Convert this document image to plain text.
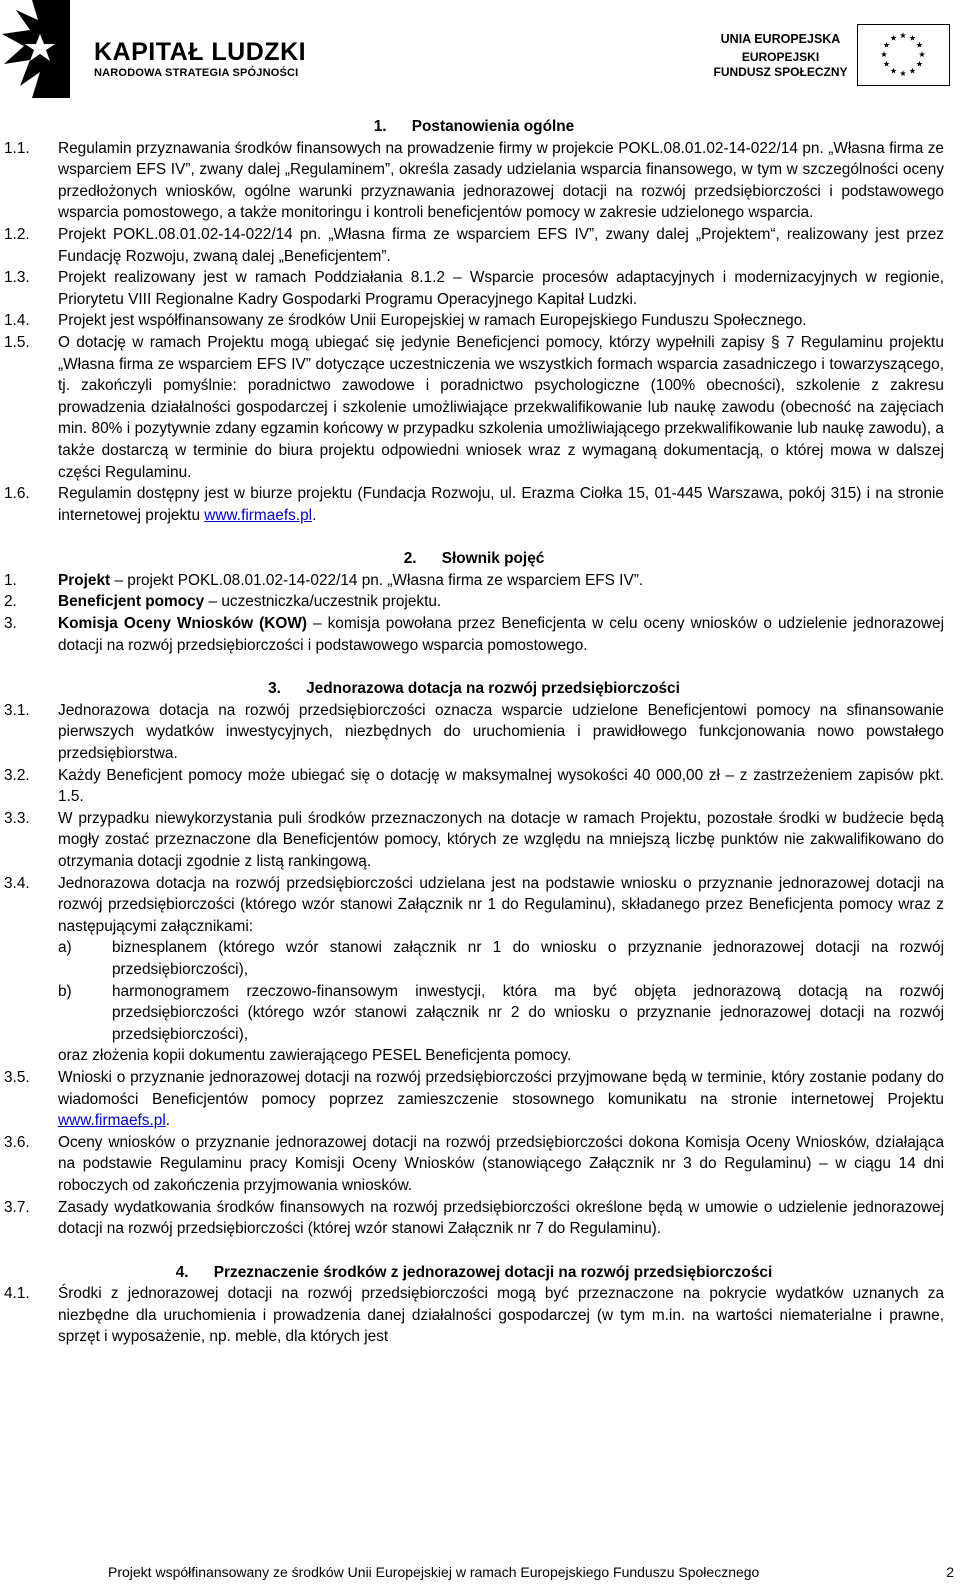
KAPITAŁ LUDZKI
NARODOWA STRATEGIA SPÓJNOŚCI
UNIA EUROPEJSKA
EUROPEJSKI
FUNDUSZ SPOŁECZNY
1. Postanowienia ogólne
1.1.	Regulamin przyznawania środków finansowych na prowadzenie firmy w projekcie POKL.08.01.02-14-022/14 pn. „Własna firma ze wsparciem EFS IV”, zwany dalej „Regulaminem”, określa zasady udzielania wsparcia finansowego, w tym w szczególności oceny przedłożonych wniosków, ogólne warunki przyznawania jednorazowej dotacji na rozwój przedsiębiorczości i podstawowego wsparcia pomostowego, a także monitoringu i kontroli beneficjentów pomocy w zakresie udzielonego wsparcia.
1.2.	Projekt POKL.08.01.02-14-022/14 pn. „Własna firma ze wsparciem EFS IV”, zwany dalej „Projektem“, realizowany jest przez Fundację Rozwoju, zwaną dalej „Beneficjentem”.
1.3.	Projekt realizowany jest w ramach Poddziałania 8.1.2 – Wsparcie procesów adaptacyjnych i modernizacyjnych w regionie, Priorytetu VIII Regionalne Kadry Gospodarki Programu Operacyjnego Kapitał Ludzki.
1.4.	Projekt jest współfinansowany ze środków Unii Europejskiej w ramach Europejskiego Funduszu Społecznego.
1.5.	O dotację w ramach Projektu mogą ubiegać się jedynie Beneficjenci pomocy, którzy wypełnili zapisy § 7 Regulaminu projektu „Własna firma ze wsparciem EFS IV” dotyczące uczestniczenia we wszystkich formach wsparcia zasadniczego i towarzyszącego, tj. zakończyli pomyślnie: poradnictwo zawodowe i poradnictwo psychologiczne (100% obecności), szkolenie z zakresu prowadzenia działalności gospodarczej i szkolenie umożliwiające przekwalifikowanie lub naukę zawodu (obecność na zajęciach min. 80% i pozytywnie zdany egzamin końcowy w przypadku szkolenia umożliwiającego przekwalifikowanie lub naukę zawodu), a także dostarczą w terminie do biura projektu odpowiedni wniosek wraz z wymaganą dokumentacją, o której mowa w dalszej części Regulaminu.
1.6.	Regulamin dostępny jest w biurze projektu (Fundacja Rozwoju, ul. Erazma Ciołka 15, 01-445 Warszawa, pokój 315) i na stronie internetowej projektu www.firmaefs.pl.
2. Słownik pojęć
1.	Projekt – projekt POKL.08.01.02-14-022/14 pn. „Własna firma ze wsparciem EFS IV”.
2.	Beneficjent pomocy – uczestniczka/uczestnik projektu.
3.	Komisja Oceny Wniosków (KOW) – komisja powołana przez Beneficjenta w celu oceny wniosków o udzielenie jednorazowej dotacji na rozwój przedsiębiorczości i podstawowego wsparcia pomostowego.
3. Jednorazowa dotacja na rozwój przedsiębiorczości
3.1.	Jednorazowa dotacja na rozwój przedsiębiorczości oznacza wsparcie udzielone Beneficjentowi pomocy na sfinansowanie pierwszych wydatków inwestycyjnych, niezbędnych do uruchomienia i prawidłowego funkcjonowania nowo powstałego przedsiębiorstwa.
3.2.	Każdy Beneficjent pomocy może ubiegać się o dotację w maksymalnej wysokości 40 000,00 zł – z zastrzeżeniem zapisów pkt. 1.5.
3.3.	W przypadku niewykorzystania puli środków przeznaczonych na dotacje w ramach Projektu, pozostałe środki w budżecie będą mogły zostać przeznaczone dla Beneficjentów pomocy, których ze względu na mniejszą liczbę punktów nie zakwalifikowano do otrzymania dotacji zgodnie z listą rankingową.
3.4.	Jednorazowa dotacja na rozwój przedsiębiorczości udzielana jest na podstawie wniosku o przyznanie jednorazowej dotacji na rozwój przedsiębiorczości (którego wzór stanowi Załącznik nr 1 do Regulaminu), składanego przez Beneficjenta pomocy wraz z następującymi załącznikami:
a)	biznesplanem (którego wzór stanowi załącznik nr 1 do wniosku o przyznanie jednorazowej dotacji na rozwój przedsiębiorczości),
b)	harmonogramem rzeczowo-finansowym inwestycji, która ma być objęta jednorazową dotacją na rozwój przedsiębiorczości (którego wzór stanowi załącznik nr 2 do wniosku o przyznanie jednorazowej dotacji na rozwój przedsiębiorczości),
oraz złożenia kopii dokumentu zawierającego PESEL Beneficjenta pomocy.
3.5.	Wnioski o przyznanie jednorazowej dotacji na rozwój przedsiębiorczości przyjmowane będą w terminie, który zostanie podany do wiadomości Beneficjentów pomocy poprzez zamieszczenie stosownego komunikatu na stronie internetowej Projektu www.firmaefs.pl.
3.6.	Oceny wniosków o przyznanie jednorazowej dotacji na rozwój przedsiębiorczości dokona Komisja Oceny Wniosków, działająca na podstawie Regulaminu pracy Komisji Oceny Wniosków (stanowiącego Załącznik nr 3 do Regulaminu) – w ciągu 14 dni roboczych od zakończenia przyjmowania wniosków.
3.7.	Zasady wydatkowania środków finansowych na rozwój przedsiębiorczości określone będą w umowie o udzielenie jednorazowej dotacji na rozwój przedsiębiorczości (której wzór stanowi Załącznik nr 7 do Regulaminu).
4. Przeznaczenie środków z jednorazowej dotacji na rozwój przedsiębiorczości
4.1.	Środki z jednorazowej dotacji na rozwój przedsiębiorczości mogą być przeznaczone na pokrycie wydatków uznanych za niezbędne dla uruchomienia i prowadzenia danej działalności gospodarczej (w tym m.in. na wartości niematerialne i prawne, sprzęt i wyposażenie, np. meble, dla których jest
Projekt współfinansowany ze środków Unii Europejskiej w ramach Europejskiego Funduszu Społecznego	2
